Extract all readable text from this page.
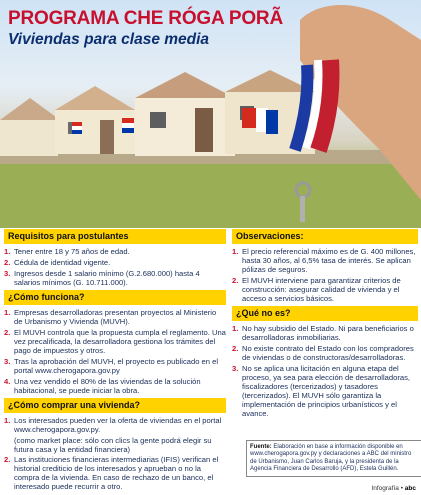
PROGRAMA CHE RÓGA PORÃ
Viviendas para clase media
Requisitos para postulantes
1. Tener entre 18 y 75 años de edad.
2. Cédula de identidad vigente.
3. Ingresos desde 1 salario mínimo (G.2.680.000) hasta 4 salarios mínimos (G. 10.711.000).
¿Cómo funciona?
1. Empresas desarrolladoras presentan proyectos al Ministerio de Urbanismo y Vivienda (MUVH).
2. El MUVH controla que la propuesta cumpla el reglamento. Una vez precalificada, la desarrolladora gestiona los trámites del pago de impuestos y otros.
3. Tras la aprobación del MUVH, el proyecto es publicado en el portal www.cherogapora.gov.py
4. Una vez vendido el 80% de las viviendas de la solución habitacional, se puede iniciar la obra.
¿Cómo comprar una vivienda?
1. Los interesados pueden ver la oferta de viviendas en el portal www.cherogapora.gov.py.
(como market place: sólo con clics la gente podrá elegir su futura casa y la entidad financiera)
2. Las instituciones financieras intermediarias (IFIS) verifican el historial crediticio de los interesados y aprueban o no la compra de la vivienda. En caso de rechazo de un banco, el interesado puede recurrir a otro.
Observaciones:
1. El precio referencial máximo es de G. 400 millones, hasta 30 años, al 6,5% tasa de interés. Se aplican pólizas de seguros.
2. El MUVH interviene para garantizar criterios de construcción: asegurar calidad de vivienda y el acceso a servicios básicos.
¿Qué no es?
1. No hay subsidio del Estado. Ni para beneficiarios o desarrolladoras inmobiliarias.
2. No existe contrato del Estado con los compradores de viviendas o de constructoras/desarrolladoras.
3. No se aplica una licitación en alguna etapa del proceso, ya sea para elección de desarrolladoras, fiscalizadores (tercerizados) y tasadores (tercerizados). El MUVH sólo garantiza la implementación de principios urbanísticos y el avance.
Fuente: Elaboración en base a información disponible en www.cherogapora.gov.py y declaraciones a ABC del ministro de Urbanismo, Juan Carlos Baruja, y la presidenta de la Agencia Financiera de Desarrollo (AFD), Estela Guillén.
Infografía • abc
